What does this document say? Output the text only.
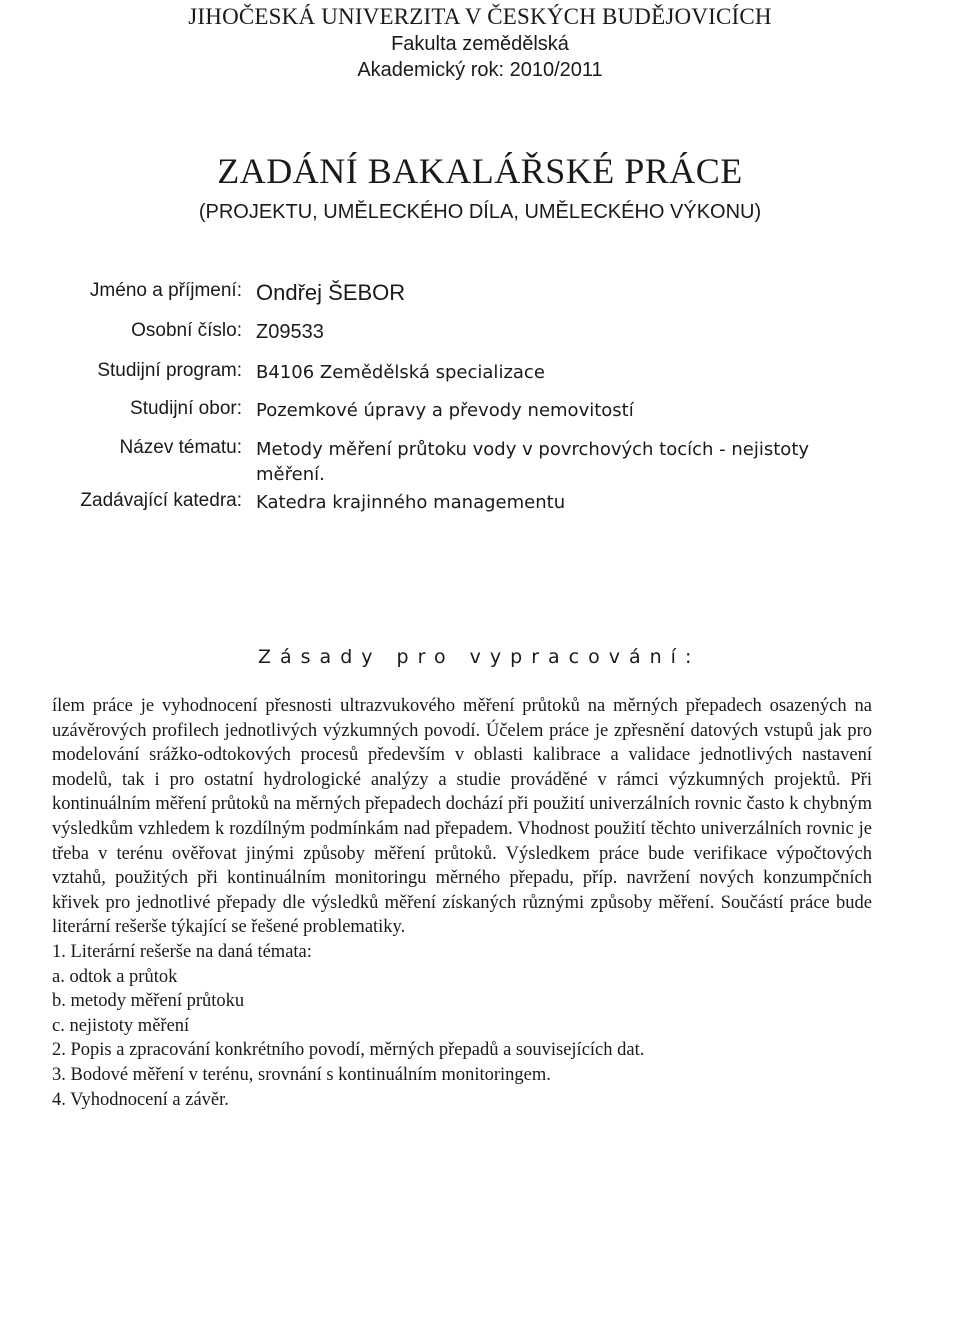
JIHOČESKÁ UNIVERZITA V ČESKÝCH BUDĚJOVICÍCH
Fakulta zemědělská
Akademický rok: 2010/2011
ZADÁNÍ BAKALÁŘSKÉ PRÁCE
(PROJEKTU, UMĚLECKÉHO DÍLA, UMĚLECKÉHO VÝKONU)
Jméno a příjmení: Ondřej ŠEBOR
Osobní číslo: Z09533
Studijní program: B4106 Zemědělská specializace
Studijní obor: Pozemkové úpravy a převody nemovitostí
Název tématu: Metody měření průtoku vody v povrchových tocích - nejistoty měření.
Zadávající katedra: Katedra krajinného managementu
Zásady pro vypracování:

ílem práce je vyhodnocení přesnosti ultrazvukového měření průtoků na měrných přepadech osazených na uzávěrových profilech jednotlivých výzkumných povodí. Účelem práce je zpřesnění datových vstupů jak pro modelování srážko-odtokových procesů především v oblasti kalibrace a validace jednotlivých nastavení modelů, tak i pro ostatní hydrologické analýzy a studie prováděné v rámci výzkumných projektů. Při kontinuálním měření průtoků na měrných přepadech dochází při použití univerzálních rovnic často k chybným výsledkům vzhledem k rozdílným podmínkám nad přepadem. Vhodnost použití těchto univerzálních rovnic je třeba v terénu ověřovat jinými způsoby měření průtoků. Výsledkem práce bude verifikace výpočtových vztahů, použitých při kontinuálním monitoringu měrného přepadu, příp. navržení nových konzumpčních křivek pro jednotlivé přepady dle výsledků měření získaných různými způsoby měření. Součástí práce bude literární rešerše týkající se řešené problematiky.

1. Literární rešerše na daná témata:
a. odtok a průtok
b. metody měření průtoku
c. nejistoty měření
2. Popis a zpracování konkrétního povodí, měrných přepadů a souvisejících dat.
3. Bodové měření v terénu, srovnání s kontinuálním monitoringem.
4. Vyhodnocení a závěr.
